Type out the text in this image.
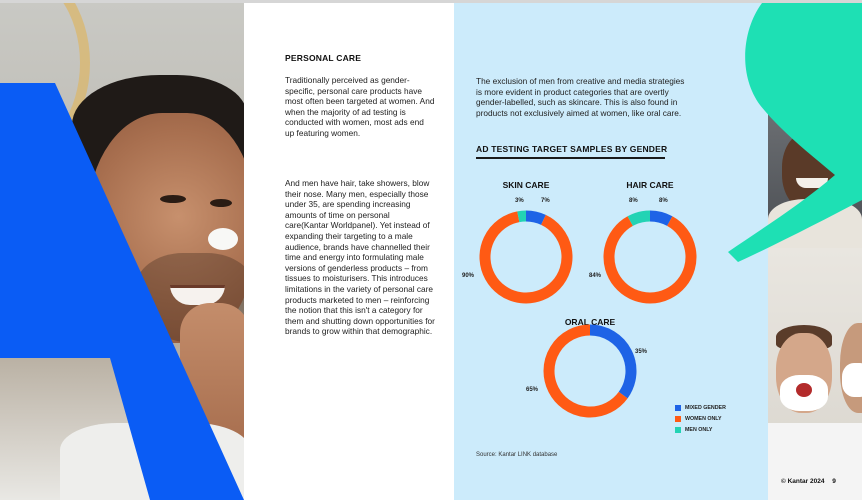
PERSONAL CARE
Traditionally perceived as gender-specific, personal care products have most often been targeted at women. And when the majority of ad testing is conducted with women, most ads end up featuring women.
And men have hair, take showers, blow their nose. Many men, especially those under 35, are spending increasing amounts of time on personal care(Kantar Worldpanel). Yet instead of expanding their targeting to a male audience, brands have channelled their time and energy into formulating male versions of genderless products – from tissues to moisturisers. This introduces limitations in the variety of personal care products marketed to men – reinforcing the notion that this isn't a category for them and shutting down opportunities for brands to grow within that demographic.
The exclusion of men from creative and media strategies is more evident in product categories that are overtly gender-labelled, such as skincare. This is also found in products not exclusively aimed at women, like oral care.
AD TESTING TARGET SAMPLES BY GENDER
SKIN CARE
7%
90%
3%
HAIR CARE
8%
84%
8%
ORAL CARE
35%
65%
MIXED GENDER
WOMEN ONLY
MEN ONLY
Source: Kantar LINK database
© Kantar 2024 9
